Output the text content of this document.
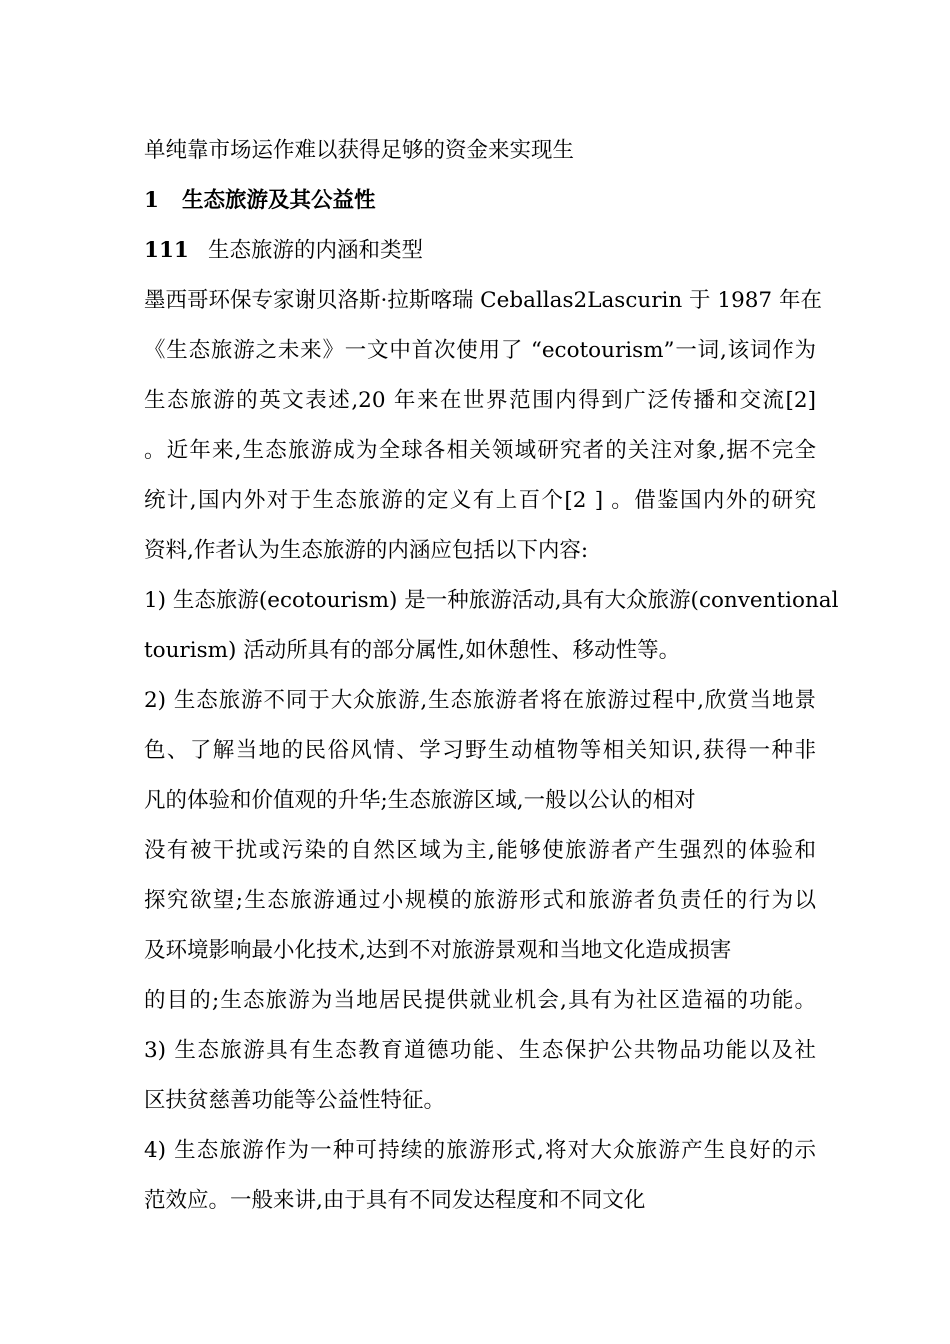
单纯靠市场运作难以获得足够的资金来实现生
1 生态旅游及其公益性
111 生态旅游的内涵和类型
墨西哥环保专家谢贝洛斯·拉斯喀瑞 Ceballas2Lascurin 于 1987 年在
《生态旅游之未来》一文中首次使用了 “ecotourism”一词,该词作为
生态旅游的英文表述,20 年来在世界范围内得到广泛传播和交流[2]
。近年来,生态旅游成为全球各相关领域研究者的关注对象,据不完全
统计,国内外对于生态旅游的定义有上百个[2 ] 。借鉴国内外的研究
资料,作者认为生态旅游的内涵应包括以下内容:
1) 生态旅游(ecotourism) 是一种旅游活动,具有大众旅游(conventional
tourism) 活动所具有的部分属性,如休憩性、移动性等。
2) 生态旅游不同于大众旅游,生态旅游者将在旅游过程中,欣赏当地景
色、了解当地的民俗风情、学习野生动植物等相关知识,获得一种非
凡的体验和价值观的升华;生态旅游区域,一般以公认的相对
没有被干扰或污染的自然区域为主,能够使旅游者产生强烈的体验和
探究欲望;生态旅游通过小规模的旅游形式和旅游者负责任的行为以
及环境影响最小化技术,达到不对旅游景观和当地文化造成损害
的目的;生态旅游为当地居民提供就业机会,具有为社区造福的功能。
3) 生态旅游具有生态教育道德功能、生态保护公共物品功能以及社
区扶贫慈善功能等公益性特征。
4) 生态旅游作为一种可持续的旅游形式,将对大众旅游产生良好的示
范效应。一般来讲,由于具有不同发达程度和不同文化
